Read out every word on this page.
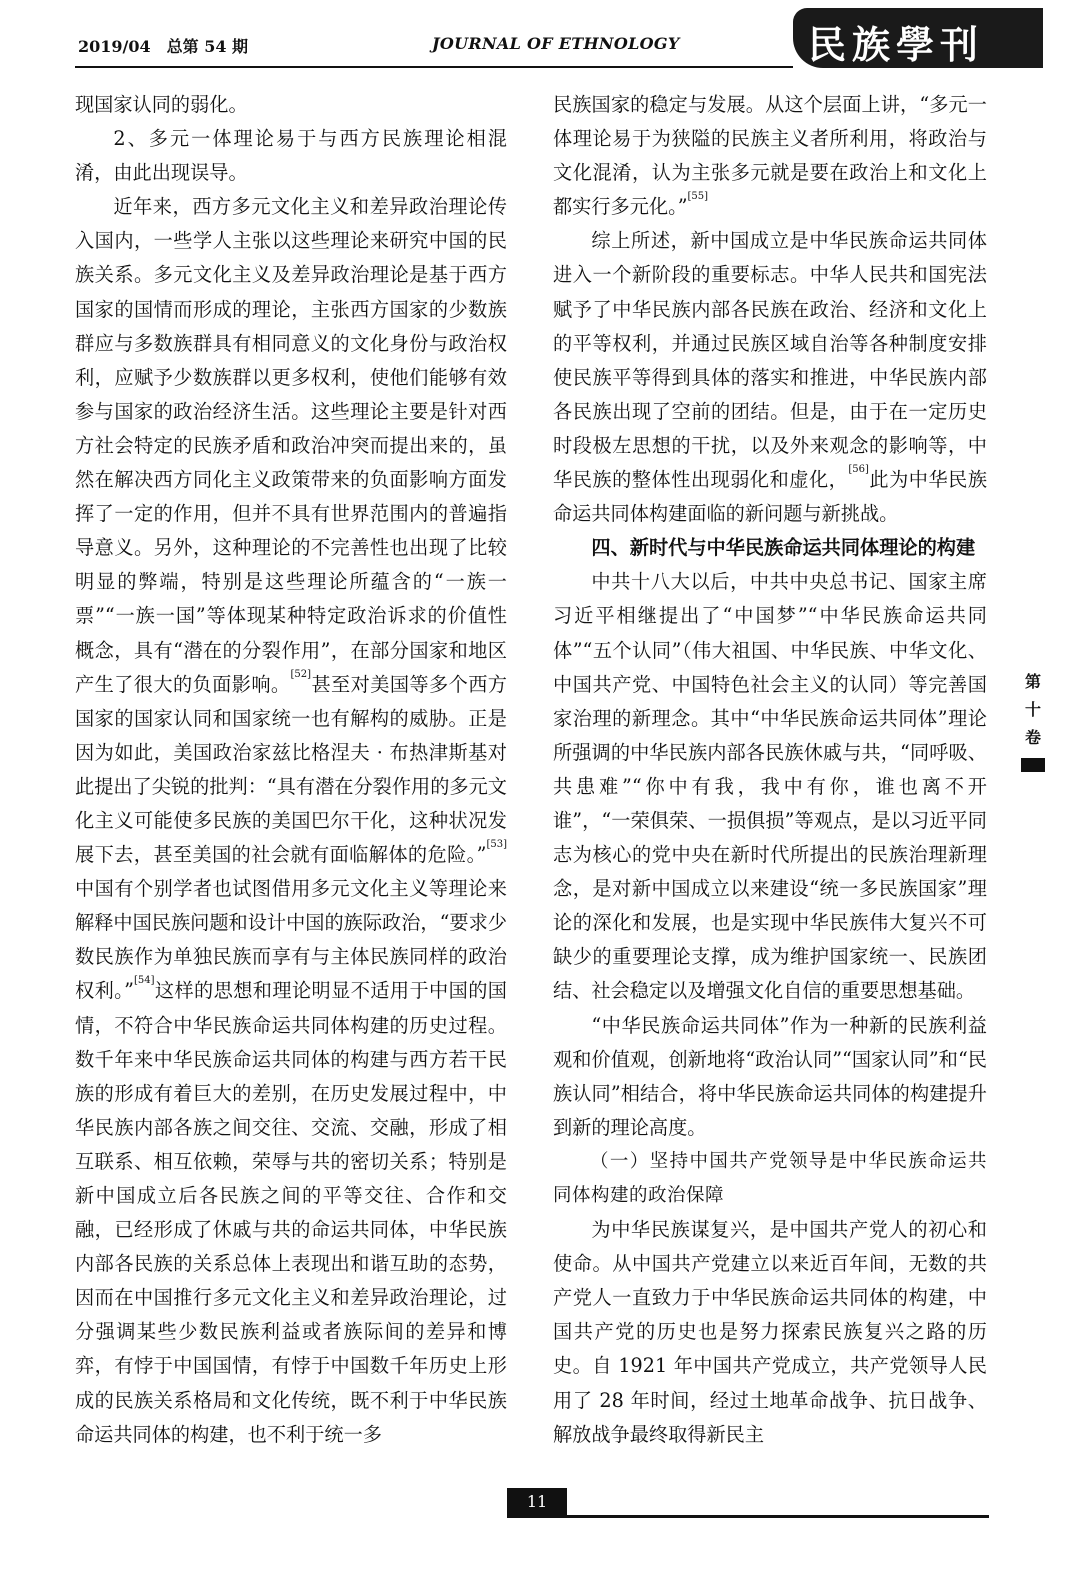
2019/04　总第 54 期	JOURNAL OF ETHNOLOGY	民族學刊

现国家认同的弱化。

2、多元一体理论易于与西方民族理论相混淆，由此出现误导。

近年来，西方多元文化主义和差异政治理论传入国内，一些学人主张以这些理论来研究中国的民族关系。多元文化主义及差异政治理论是基于西方国家的国情而形成的理论，主张西方国家的少数族群应与多数族群具有相同意义的文化身份与政治权利，应赋予少数族群以更多权利，使他们能够有效参与国家的政治经济生活。这些理论主要是针对西方社会特定的民族矛盾和政治冲突而提出来的，虽然在解决西方同化主义政策带来的负面影响方面发挥了一定的作用，但并不具有世界范围内的普遍指导意义。另外，这种理论的不完善性也出现了比较明显的弊端，特别是这些理论所蕴含的“一族一票”“一族一国”等体现某种特定政治诉求的价值性概念，具有“潜在的分裂作用”，在部分国家和地区产生了很大的负面影响。[52]甚至对美国等多个西方国家的国家认同和国家统一也有解构的威胁。正是因为如此，美国政治家兹比格涅夫 · 布热津斯基对此提出了尖锐的批判：“具有潜在分裂作用的多元文化主义可能使多民族的美国巴尔干化，这种状况发展下去，甚至美国的社会就有面临解体的危险。”[53]中国有个别学者也试图借用多元文化主义等理论来解释中国民族问题和设计中国的族际政治，“要求少数民族作为单独民族而享有与主体民族同样的政治权利。”[54]这样的思想和理论明显不适用于中国的国情，不符合中华民族命运共同体构建的历史过程。数千年来中华民族命运共同体的构建与西方若干民族的形成有着巨大的差别，在历史发展过程中，中华民族内部各族之间交往、交流、交融，形成了相互联系、相互依赖，荣辱与共的密切关系；特别是新中国成立后各民族之间的平等交往、合作和交融，已经形成了休戚与共的命运共同体，中华民族内部各民族的关系总体上表现出和谐互助的态势，因而在中国推行多元文化主义和差异政治理论，过分强调某些少数民族利益或者族际间的差异和博弈，有悖于中国国情，有悖于中国数千年历史上形成的民族关系格局和文化传统，既不利于中华民族命运共同体的构建，也不利于统一多

民族国家的稳定与发展。从这个层面上讲，“多元一体理论易于为狭隘的民族主义者所利用，将政治与文化混淆，认为主张多元就是要在政治上和文化上都实行多元化。”[55]

综上所述，新中国成立是中华民族命运共同体进入一个新阶段的重要标志。中华人民共和国宪法赋予了中华民族内部各民族在政治、经济和文化上的平等权利，并通过民族区域自治等各种制度安排使民族平等得到具体的落实和推进，中华民族内部各民族出现了空前的团结。但是，由于在一定历史时段极左思想的干扰，以及外来观念的影响等，中华民族的整体性出现弱化和虚化，[56]此为中华民族命运共同体构建面临的新问题与新挑战。

四、新时代与中华民族命运共同体理论的构建

中共十八大以后，中共中央总书记、国家主席习近平相继提出了“中国梦”“中华民族命运共同体”“五个认同”（伟大祖国、中华民族、中华文化、中国共产党、中国特色社会主义的认同）等完善国家治理的新理念。其中“中华民族命运共同体”理论所强调的中华民族内部各民族休戚与共，“同呼吸、共患难”“你中有我，我中有你，谁也离不开谁”，“一荣俱荣、一损俱损”等观点，是以习近平同志为核心的党中央在新时代所提出的民族治理新理念，是对新中国成立以来建设“统一多民族国家”理论的深化和发展，也是实现中华民族伟大复兴不可缺少的重要理论支撑，成为维护国家统一、民族团结、社会稳定以及增强文化自信的重要思想基础。

“中华民族命运共同体”作为一种新的民族利益观和价值观，创新地将“政治认同”“国家认同”和“民族认同”相结合，将中华民族命运共同体的构建提升到新的理论高度。

（一）坚持中国共产党领导是中华民族命运共同体构建的政治保障

为中华民族谋复兴，是中国共产党人的初心和使命。从中国共产党建立以来近百年间，无数的共产党人一直致力于中华民族命运共同体的构建，中国共产党的历史也是努力探索民族复兴之路的历史。自 1921 年中国共产党成立，共产党领导人民用了 28 年时间，经过土地革命战争、抗日战争、解放战争最终取得新民主

第
十
卷
11
